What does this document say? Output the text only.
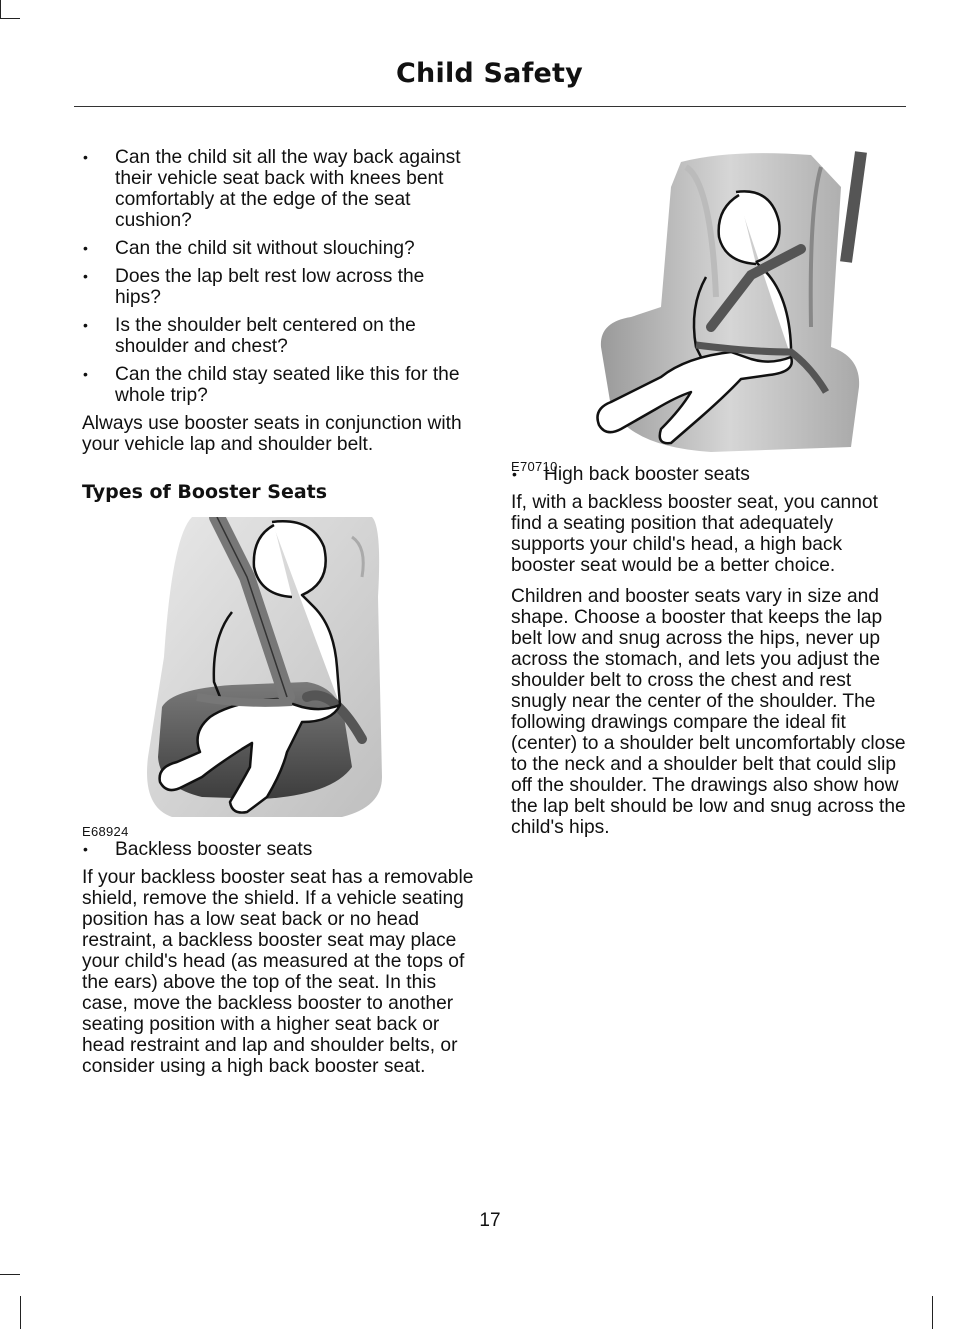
Child Safety
• Can the child sit all the way back against their vehicle seat back with knees bent comfortably at the edge of the seat cushion?
• Can the child sit without slouching?
• Does the lap belt rest low across the hips?
• Is the shoulder belt centered on the shoulder and chest?
• Can the child stay seated like this for the whole trip?

Always use booster seats in conjunction with your vehicle lap and shoulder belt.

Types of Booster Seats
E68924
• Backless booster seats

If your backless booster seat has a removable shield, remove the shield. If a vehicle seating position has a low seat back or no head restraint, a backless booster seat may place your child's head (as measured at the tops of the ears) above the top of the seat. In this case, move the backless booster to another seating position with a higher seat back or head restraint and lap and shoulder belts, or consider using a high back booster seat.

E70710
• High back booster seats

If, with a backless booster seat, you cannot find a seating position that adequately supports your child's head, a high back booster seat would be a better choice.

Children and booster seats vary in size and shape. Choose a booster that keeps the lap belt low and snug across the hips, never up across the stomach, and lets you adjust the shoulder belt to cross the chest and rest snugly near the center of the shoulder. The following drawings compare the ideal fit (center) to a shoulder belt uncomfortably close to the neck and a shoulder belt that could slip off the shoulder. The drawings also show how the lap belt should be low and snug across the child's hips.

17
